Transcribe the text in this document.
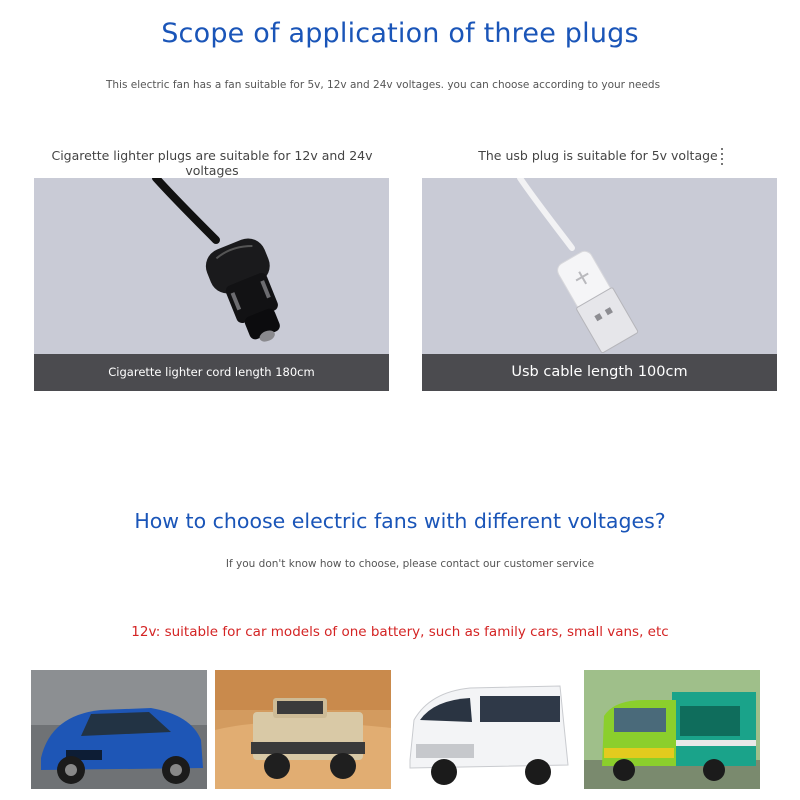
Scope of application of three plugs
This electric fan has a fan suitable for 5v, 12v and 24v voltages. you can choose according to your needs
Cigarette lighter plugs are suitable for 12v and 24v voltages
The usb plug is suitable for 5v voltage
Cigarette lighter cord length 180cm	Usb cable length 100cm
How to choose electric fans with different voltages?
If you don't know how to choose, please contact our customer service
12v: suitable for car models of one battery, such as family cars, small vans, etc
